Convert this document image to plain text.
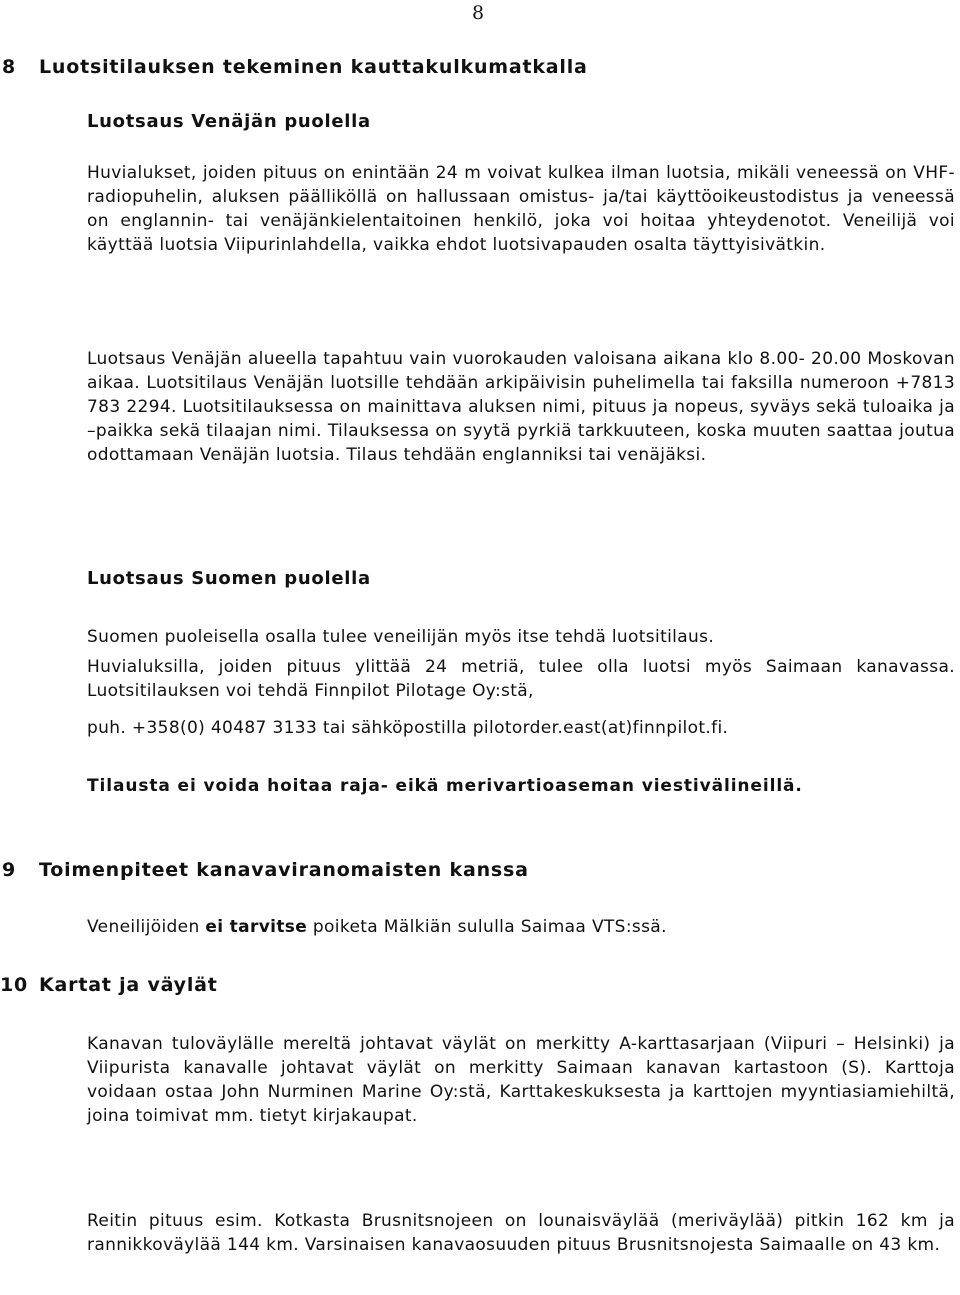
8
8 Luotsitilauksen tekeminen kauttakulkumatkalla
Luotsaus Venäjän puolella

Huvialukset, joiden pituus on enintään 24 m voivat kulkea ilman luotsia, mikäli veneessä on VHF- radiopuhelin, aluksen päälliköllä on hallussaan omistus- ja/tai käyttöoikeustodistus ja veneessä on englannin- tai venäjänkielentaitoinen henkilö, joka voi hoitaa yhteydenotot. Veneilijä voi käyttää luotsia Viipurinlahdella, vaikka ehdot luotsivapauden osalta täyttyisivätkin.

Luotsaus Venäjän alueella tapahtuu vain vuorokauden valoisana aikana klo 8.00- 20.00 Moskovan aikaa. Luotsitilaus Venäjän luotsille tehdään arkipäivisin puhelimella tai faksilla numeroon +7813 783 2294. Luotsitilauksessa on mainittava aluksen nimi, pituus ja nopeus, syväys sekä tuloaika ja –paikka sekä tilaajan nimi. Tilauksessa on syytä pyrkiä tarkkuuteen, koska muuten saattaa joutua odottamaan Venäjän luotsia. Tilaus tehdään englanniksi tai venäjäksi.

Luotsaus Suomen puolella
Suomen puoleisella osalla tulee veneilijän myös itse tehdä luotsitilaus.

Huvialuksilla, joiden pituus ylittää 24 metriä, tulee olla luotsi myös Saimaan kanavassa. Luotsitilauksen voi tehdä Finnpilot Pilotage Oy:stä,

puh. +358(0) 40487 3133 tai sähköpostilla pilotorder.east(at)finnpilot.fi.
Tilausta ei voida hoitaa raja- eikä merivartioaseman viestivälineillä.
9 Toimenpiteet kanavaviranomaisten kanssa
Veneilijöiden ei tarvitse poiketa Mälkiän sululla Saimaa VTS:ssä.
10 Kartat ja väylät

Kanavan tuloväylälle mereltä johtavat väylät on merkitty A-karttasarjaan (Viipuri – Helsinki) ja Viipurista kanavalle johtavat väylät on merkitty Saimaan kanavan kartastoon (S). Karttoja voidaan ostaa John Nurminen Marine Oy:stä, Karttakeskuksesta ja karttojen myyntiasiamiehiltä, joina toimivat mm. tietyt kirjakaupat.

Reitin pituus esim. Kotkasta Brusnitsnojeen on lounaisväylää (meriväylää) pitkin 162 km ja rannikkoväylää 144 km. Varsinaisen kanavaosuuden pituus Brusnitsnojesta Saimaalle on 43 km.
